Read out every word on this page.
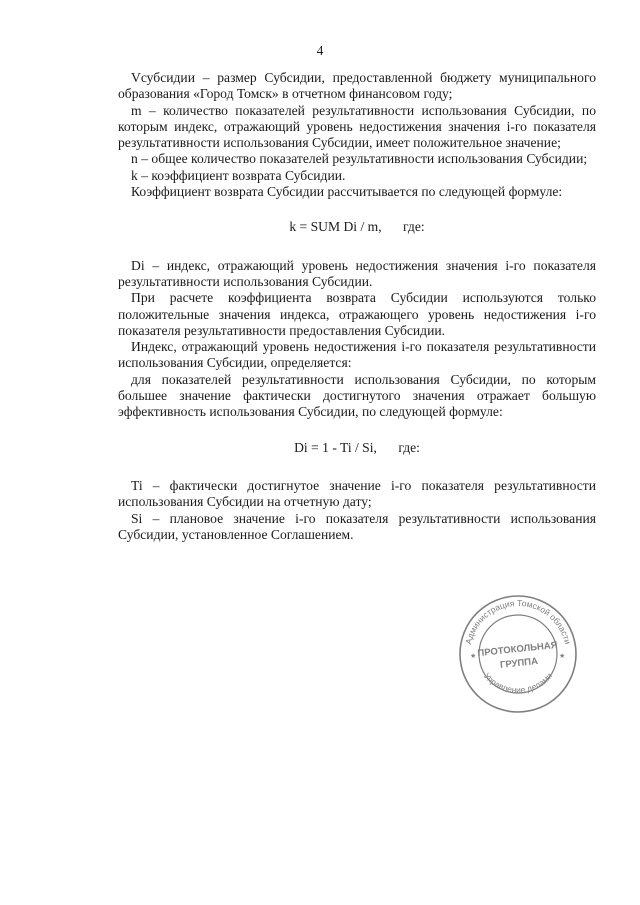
4

Vсубсидии – размер Субсидии, предоставленной бюджету муниципального образования «Город Томск» в отчетном финансовом году;

m – количество показателей результативности использования Субсидии, по которым индекс, отражающий уровень недостижения значения i-го показателя результативности использования Субсидии, имеет положительное значение;

n – общее количество показателей результативности использования Субсидии;

k – коэффициент возврата Субсидии.

Коэффициент возврата Субсидии рассчитывается по следующей формуле:

k = SUM Di / m, где:

Di – индекс, отражающий уровень недостижения значения i-го показателя результативности использования Субсидии.

При расчете коэффициента возврата Субсидии используются только положительные значения индекса, отражающего уровень недостижения i-го показателя результативности предоставления Субсидии.

Индекс, отражающий уровень недостижения i-го показателя результативности использования Субсидии, определяется:

для показателей результативности использования Субсидии, по которым большее значение фактически достигнутого значения отражает большую эффективность использования Субсидии, по следующей формуле:

Di = 1 - Ti / Si, где:

Ti – фактически достигнутое значение i-го показателя результативности использования Субсидии на отчетную дату;

Si – плановое значение i-го показателя результативности использования Субсидии, установленное Соглашением.

Администрация Томской области
Управление делами
★	★
ПРОТОКОЛЬНАЯ
ГРУППА
